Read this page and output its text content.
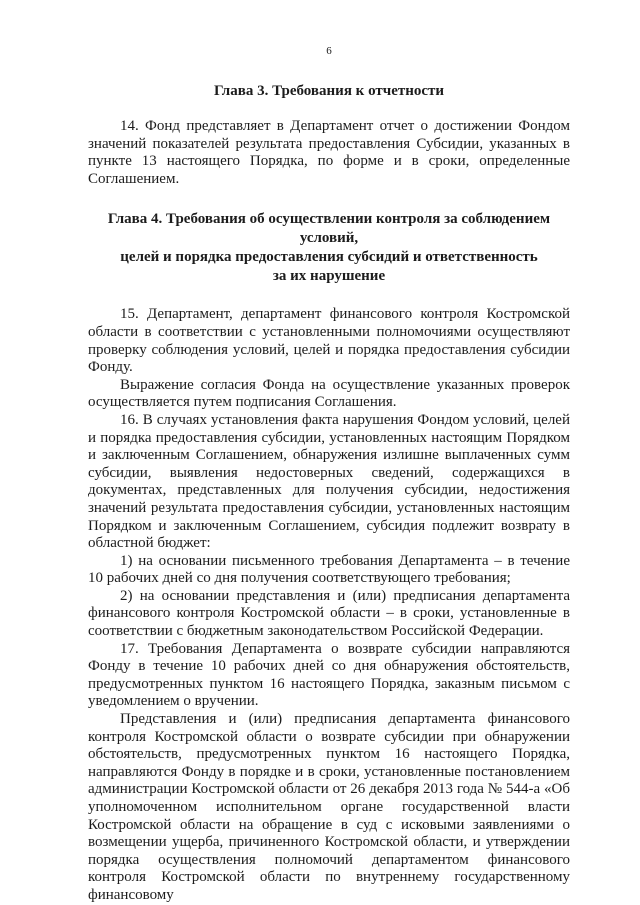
6
Глава 3. Требования к отчетности

14. Фонд представляет в Департамент отчет о достижении Фондом значений показателей результата предоставления Субсидии, указанных в пункте 13 настоящего Порядка, по форме и в сроки, определенные Соглашением.

Глава 4. Требования об осуществлении контроля за соблюдением условий,
целей и порядка предоставления субсидий и ответственность
за их нарушение

15. Департамент, департамент финансового контроля Костромской области в соответствии с установленными полномочиями осуществляют проверку соблюдения условий, целей и порядка предоставления субсидии Фонду.

Выражение согласия Фонда на осуществление указанных проверок осуществляется путем подписания Соглашения.

16. В случаях установления факта нарушения Фондом условий, целей и порядка предоставления субсидии, установленных настоящим Порядком и заключенным Соглашением, обнаружения излишне выплаченных сумм субсидии, выявления недостоверных сведений, содержащихся в документах, представленных для получения субсидии, недостижения значений результата предоставления субсидии, установленных настоящим Порядком и заключенным Соглашением, субсидия подлежит возврату в областной бюджет:

1) на основании письменного требования Департамента – в течение 10 рабочих дней со дня получения соответствующего требования;

2) на основании представления и (или) предписания департамента финансового контроля Костромской области – в сроки, установленные в соответствии с бюджетным законодательством Российской Федерации.

17. Требования Департамента о возврате субсидии направляются Фонду в течение 10 рабочих дней со дня обнаружения обстоятельств, предусмотренных пунктом 16 настоящего Порядка, заказным письмом с уведомлением о вручении.

Представления и (или) предписания департамента финансового контроля Костромской области о возврате субсидии при обнаружении обстоятельств, предусмотренных пунктом 16 настоящего Порядка, направляются Фонду в порядке и в сроки, установленные постановлением администрации Костромской области от 26 декабря 2013 года № 544-а «Об уполномоченном исполнительном органе государственной власти Костромской области на обращение в суд с исковыми заявлениями о возмещении ущерба, причиненного Костромской области, и утверждении порядка осуществления полномочий департаментом финансового контроля Костромской области по внутреннему государственному финансовому
